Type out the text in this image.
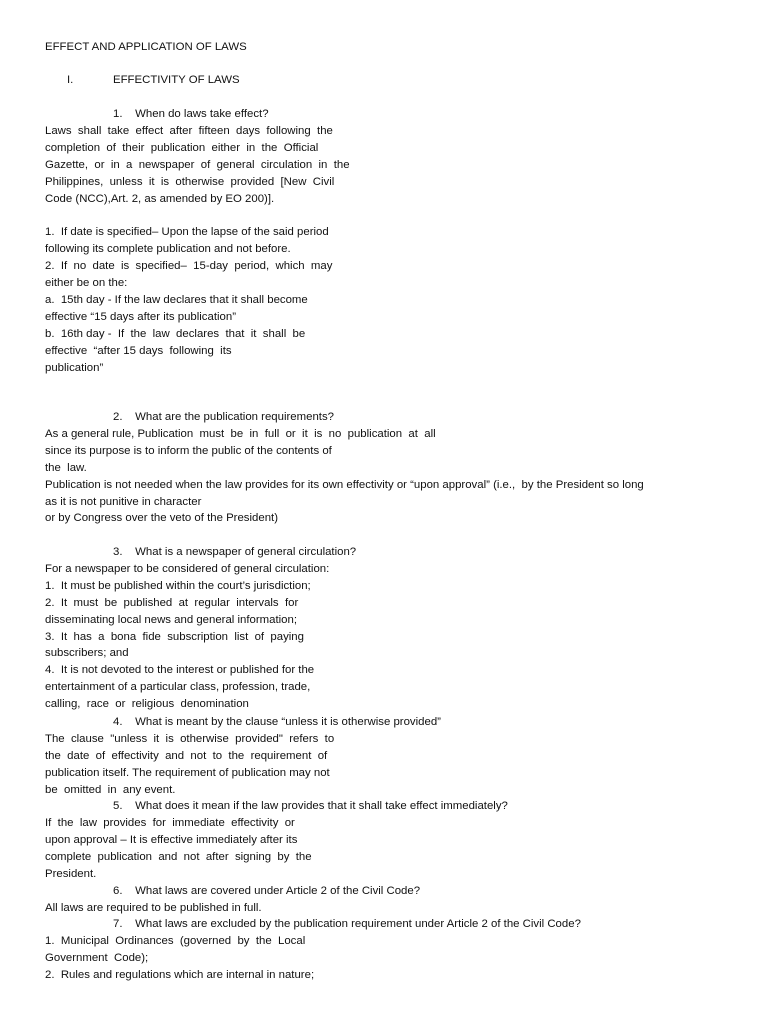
EFFECT AND APPLICATION OF LAWS
I.	EFFECTIVITY OF LAWS
1.    When do laws take effect?
Laws  shall  take  effect  after  fifteen  days  following  the
completion  of  their  publication  either  in  the  Official
Gazette,  or  in  a  newspaper  of  general  circulation  in  the
Philippines,  unless  it  is  otherwise  provided  [New  Civil
Code (NCC),Art. 2, as amended by EO 200)].
1.  If date is specified– Upon the lapse of the said period
following its complete publication and not before.
2.  If  no  date  is  specified–  15-day  period,  which  may
either be on the:
a.  15th day - If the law declares that it shall become
effective “15 days after its publication”
b.  16th day -  If  the  law  declares  that  it  shall  be
effective  “after 15 days  following  its
publication”
2.    What are the publication requirements?
As a general rule, Publication  must  be  in  full  or  it  is  no  publication  at  all
since its purpose is to inform the public of the contents of
the  law.
Publication is not needed when the law provides for its own effectivity or “upon approval” (i.e.,  by the President so long
as it is not punitive in character
or by Congress over the veto of the President)
3.    What is a newspaper of general circulation?
For a newspaper to be considered of general circulation:
1.  It must be published within the court’s jurisdiction;
2.  It  must  be  published  at  regular  intervals  for
disseminating local news and general information;
3.  It  has  a  bona  fide  subscription  list  of  paying
subscribers; and
4.  It is not devoted to the interest or published for the
entertainment of a particular class, profession, trade,
calling,  race  or  religious  denomination
4.    What is meant by the clause “unless it is otherwise provided”
The  clause  "unless  it  is  otherwise  provided"  refers  to
the  date  of  effectivity  and  not  to  the  requirement  of
publication itself. The requirement of publication may not
be  omitted  in  any event.
5.    What does it mean if the law provides that it shall take effect immediately?
If  the  law  provides  for  immediate  effectivity  or
upon approval – It is effective immediately after its
complete  publication  and  not  after  signing  by  the
President.
6.    What laws are covered under Article 2 of the Civil Code?
All laws are required to be published in full.
7.    What laws are excluded by the publication requirement under Article 2 of the Civil Code?
1.  Municipal  Ordinances  (governed  by  the  Local
Government  Code);
2.  Rules and regulations which are internal in nature;
